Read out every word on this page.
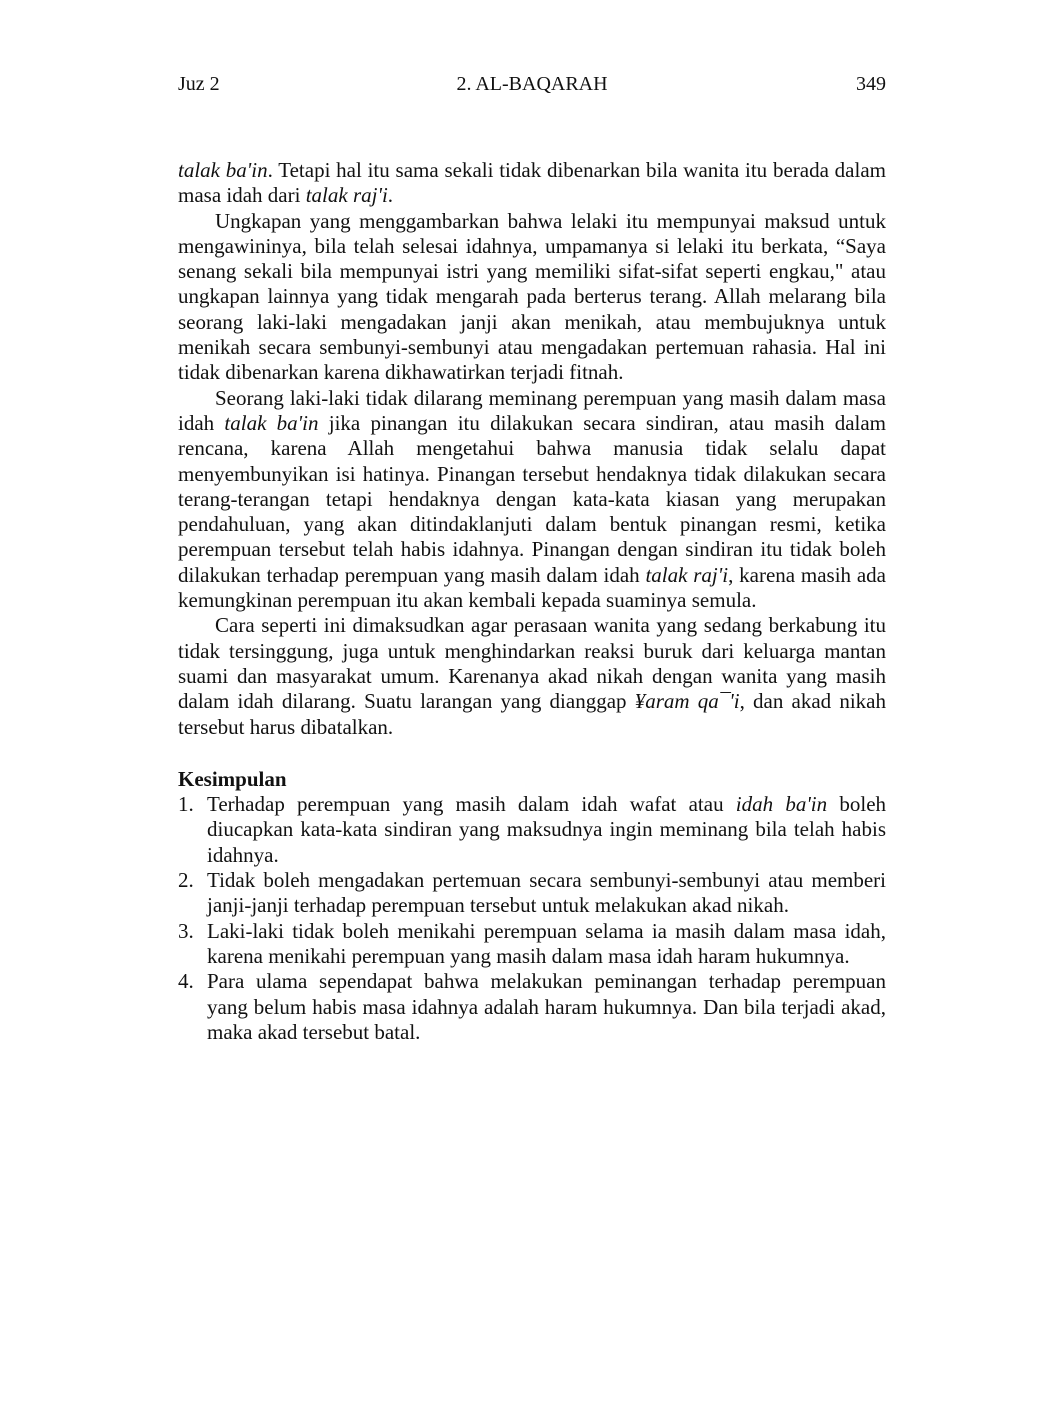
Juz 2	2. AL-BAQARAH	349

talak ba'in. Tetapi hal itu sama sekali tidak dibenarkan bila wanita itu berada dalam masa idah dari talak raj'i.

Ungkapan yang menggambarkan bahwa lelaki itu mempunyai maksud untuk mengawininya, bila telah selesai idahnya, umpamanya si lelaki itu berkata, “Saya senang sekali bila mempunyai istri yang memiliki sifat-sifat seperti engkau," atau ungkapan lainnya yang tidak mengarah pada berterus terang. Allah melarang bila seorang laki-laki mengadakan janji akan menikah, atau membujuknya untuk menikah secara sembunyi-sembunyi atau mengadakan pertemuan rahasia. Hal ini tidak dibenarkan karena dikhawatirkan terjadi fitnah.

Seorang laki-laki tidak dilarang meminang perempuan yang masih dalam masa idah talak ba'in jika pinangan itu dilakukan secara sindiran, atau masih dalam rencana, karena Allah mengetahui bahwa manusia tidak selalu dapat menyembunyikan isi hatinya. Pinangan tersebut hendaknya tidak dilakukan secara terang-terangan tetapi hendaknya dengan kata-kata kiasan yang merupakan pendahuluan, yang akan ditindaklanjuti dalam bentuk pinangan resmi, ketika perempuan tersebut telah habis idahnya. Pinangan dengan sindiran itu tidak boleh dilakukan terhadap perempuan yang masih dalam idah talak raj'i, karena masih ada kemungkinan perempuan itu akan kembali kepada suaminya semula.

Cara seperti ini dimaksudkan agar perasaan wanita yang sedang berkabung itu tidak tersinggung, juga untuk menghindarkan reaksi buruk dari keluarga mantan suami dan masyarakat umum. Karenanya akad nikah dengan wanita yang masih dalam idah dilarang. Suatu larangan yang dianggap ¥aram qa¯'i, dan akad nikah tersebut harus dibatalkan.

Kesimpulan
1. Terhadap perempuan yang masih dalam idah wafat atau idah ba'in boleh diucapkan kata-kata sindiran yang maksudnya ingin meminang bila telah habis idahnya.
2. Tidak boleh mengadakan pertemuan secara sembunyi-sembunyi atau memberi janji-janji terhadap perempuan tersebut untuk melakukan akad nikah.
3. Laki-laki tidak boleh menikahi perempuan selama ia masih dalam masa idah, karena menikahi perempuan yang masih dalam masa idah haram hukumnya.
4. Para ulama sependapat bahwa melakukan peminangan terhadap perempuan yang belum habis masa idahnya adalah haram hukumnya. Dan bila terjadi akad, maka akad tersebut batal.
